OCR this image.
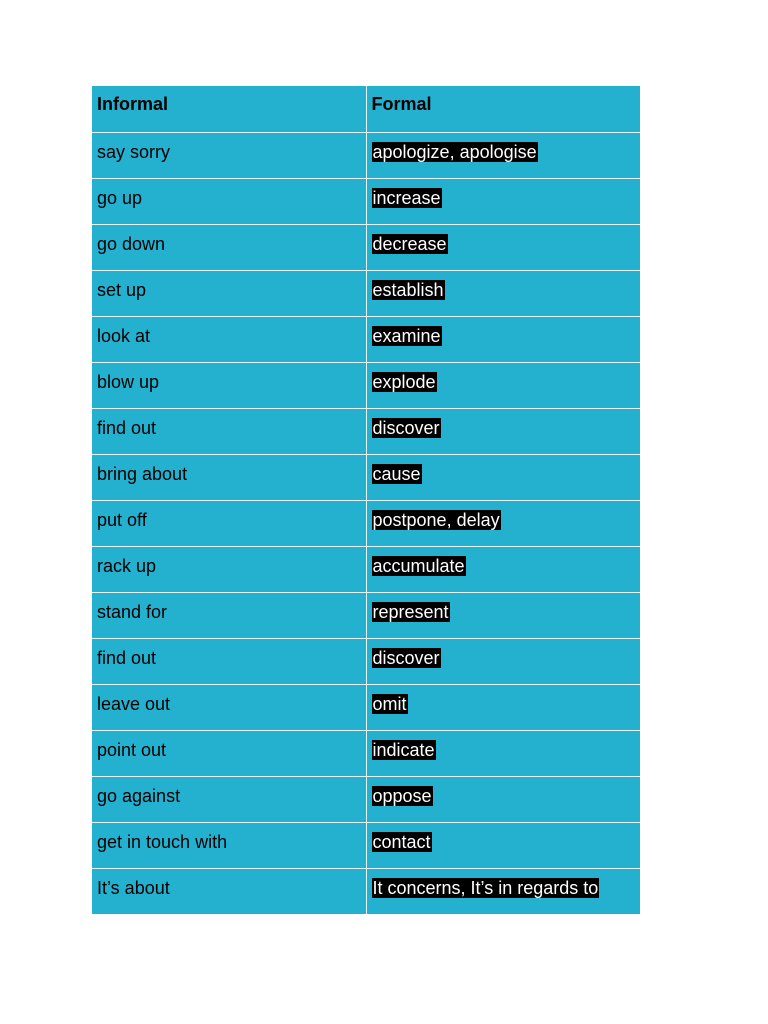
Informal	Formal
say sorry	apologize, apologise
go up	increase
go down	decrease
set up	establish
look at	examine
blow up	explode
find out	discover
bring about	cause
put off	postpone, delay
rack up	accumulate
stand for	represent
find out	discover
leave out	omit
point out	indicate
go against	oppose
get in touch with	contact
It’s about	It concerns, It’s in regards to
